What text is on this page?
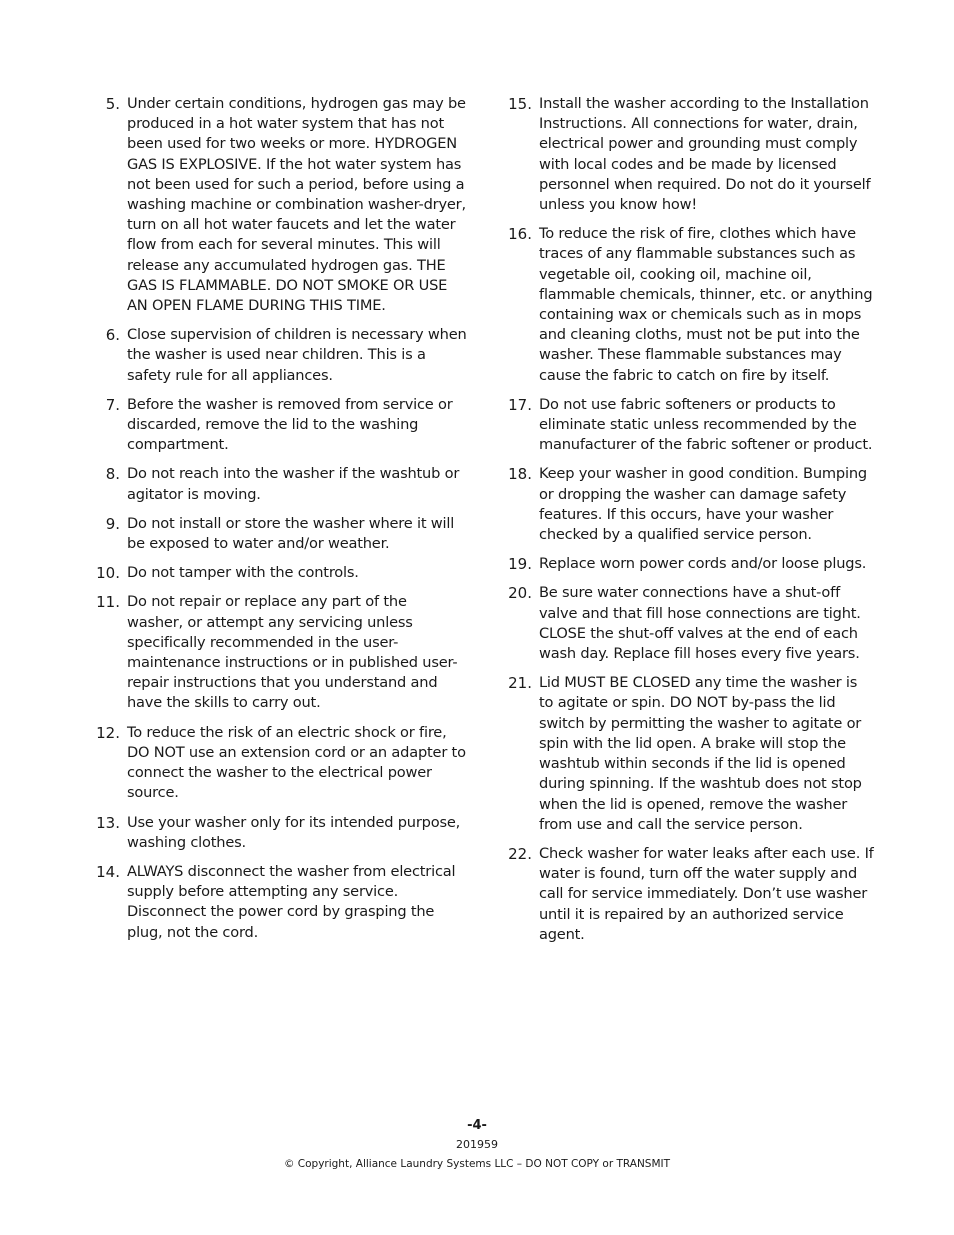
5. Under certain conditions, hydrogen gas may be produced in a hot water system that has not been used for two weeks or more. HYDROGEN GAS IS EXPLOSIVE. If the hot water system has not been used for such a period, before using a washing machine or combination washer-dryer, turn on all hot water faucets and let the water flow from each for several minutes. This will release any accumulated hydrogen gas. THE GAS IS FLAMMABLE. DO NOT SMOKE OR USE AN OPEN FLAME DURING THIS TIME.
6. Close supervision of children is necessary when the washer is used near children. This is a safety rule for all appliances.
7. Before the washer is removed from service or discarded, remove the lid to the washing compartment.
8. Do not reach into the washer if the washtub or agitator is moving.
9. Do not install or store the washer where it will be exposed to water and/or weather.
10. Do not tamper with the controls.
11. Do not repair or replace any part of the washer, or attempt any servicing unless specifically recommended in the user-maintenance instructions or in published user-repair instructions that you understand and have the skills to carry out.
12. To reduce the risk of an electric shock or fire, DO NOT use an extension cord or an adapter to connect the washer to the electrical power source.
13. Use your washer only for its intended purpose, washing clothes.
14. ALWAYS disconnect the washer from electrical supply before attempting any service. Disconnect the power cord by grasping the plug, not the cord.
15. Install the washer according to the Installation Instructions. All connections for water, drain, electrical power and grounding must comply with local codes and be made by licensed personnel when required. Do not do it yourself unless you know how!
16. To reduce the risk of fire, clothes which have traces of any flammable substances such as vegetable oil, cooking oil, machine oil, flammable chemicals, thinner, etc. or anything containing wax or chemicals such as in mops and cleaning cloths, must not be put into the washer. These flammable substances may cause the fabric to catch on fire by itself.
17. Do not use fabric softeners or products to eliminate static unless recommended by the manufacturer of the fabric softener or product.
18. Keep your washer in good condition. Bumping or dropping the washer can damage safety features. If this occurs, have your washer checked by a qualified service person.
19. Replace worn power cords and/or loose plugs.
20. Be sure water connections have a shut-off valve and that fill hose connections are tight. CLOSE the shut-off valves at the end of each wash day. Replace fill hoses every five years.
21. Lid MUST BE CLOSED any time the washer is to agitate or spin. DO NOT by-pass the lid switch by permitting the washer to agitate or spin with the lid open. A brake will stop the washtub within seconds if the lid is opened during spinning. If the washtub does not stop when the lid is opened, remove the washer from use and call the service person.
22. Check washer for water leaks after each use. If water is found, turn off the water supply and call for service immediately. Don’t use washer until it is repaired by an authorized service agent.
-4-
201959
© Copyright, Alliance Laundry Systems LLC – DO NOT COPY or TRANSMIT
